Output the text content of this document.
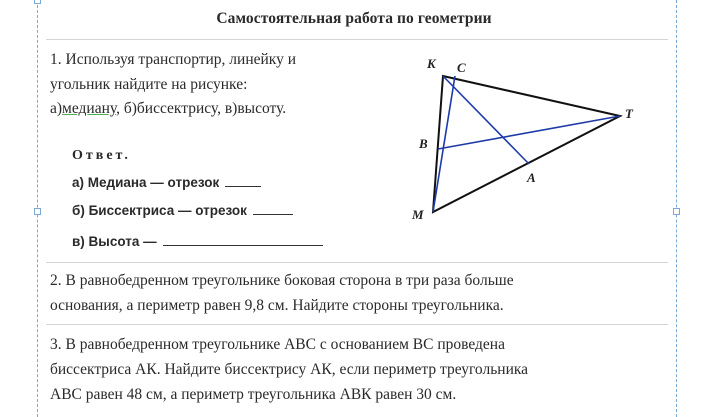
Самостоятельная работа по геометрии
1. Используя транспортир, линейку и
угольник найдите на рисунке:
а)медиану, б)биссектрису, в)высоту.
Ответ.
а) Медиана — отрезок
б) Биссектриса — отрезок
в) Высота —
K C
T
B
A
M
2. В равнобедренном треугольнике боковая сторона в три раза больше
основания, а периметр равен 9,8 см. Найдите стороны треугольника.
3. В равнобедренном треугольнике АВС с основанием ВС проведена
биссектриса АК. Найдите биссектрису АК, если периметр треугольника
АВС равен 48 см, а периметр треугольника АВК равен 30 см.
